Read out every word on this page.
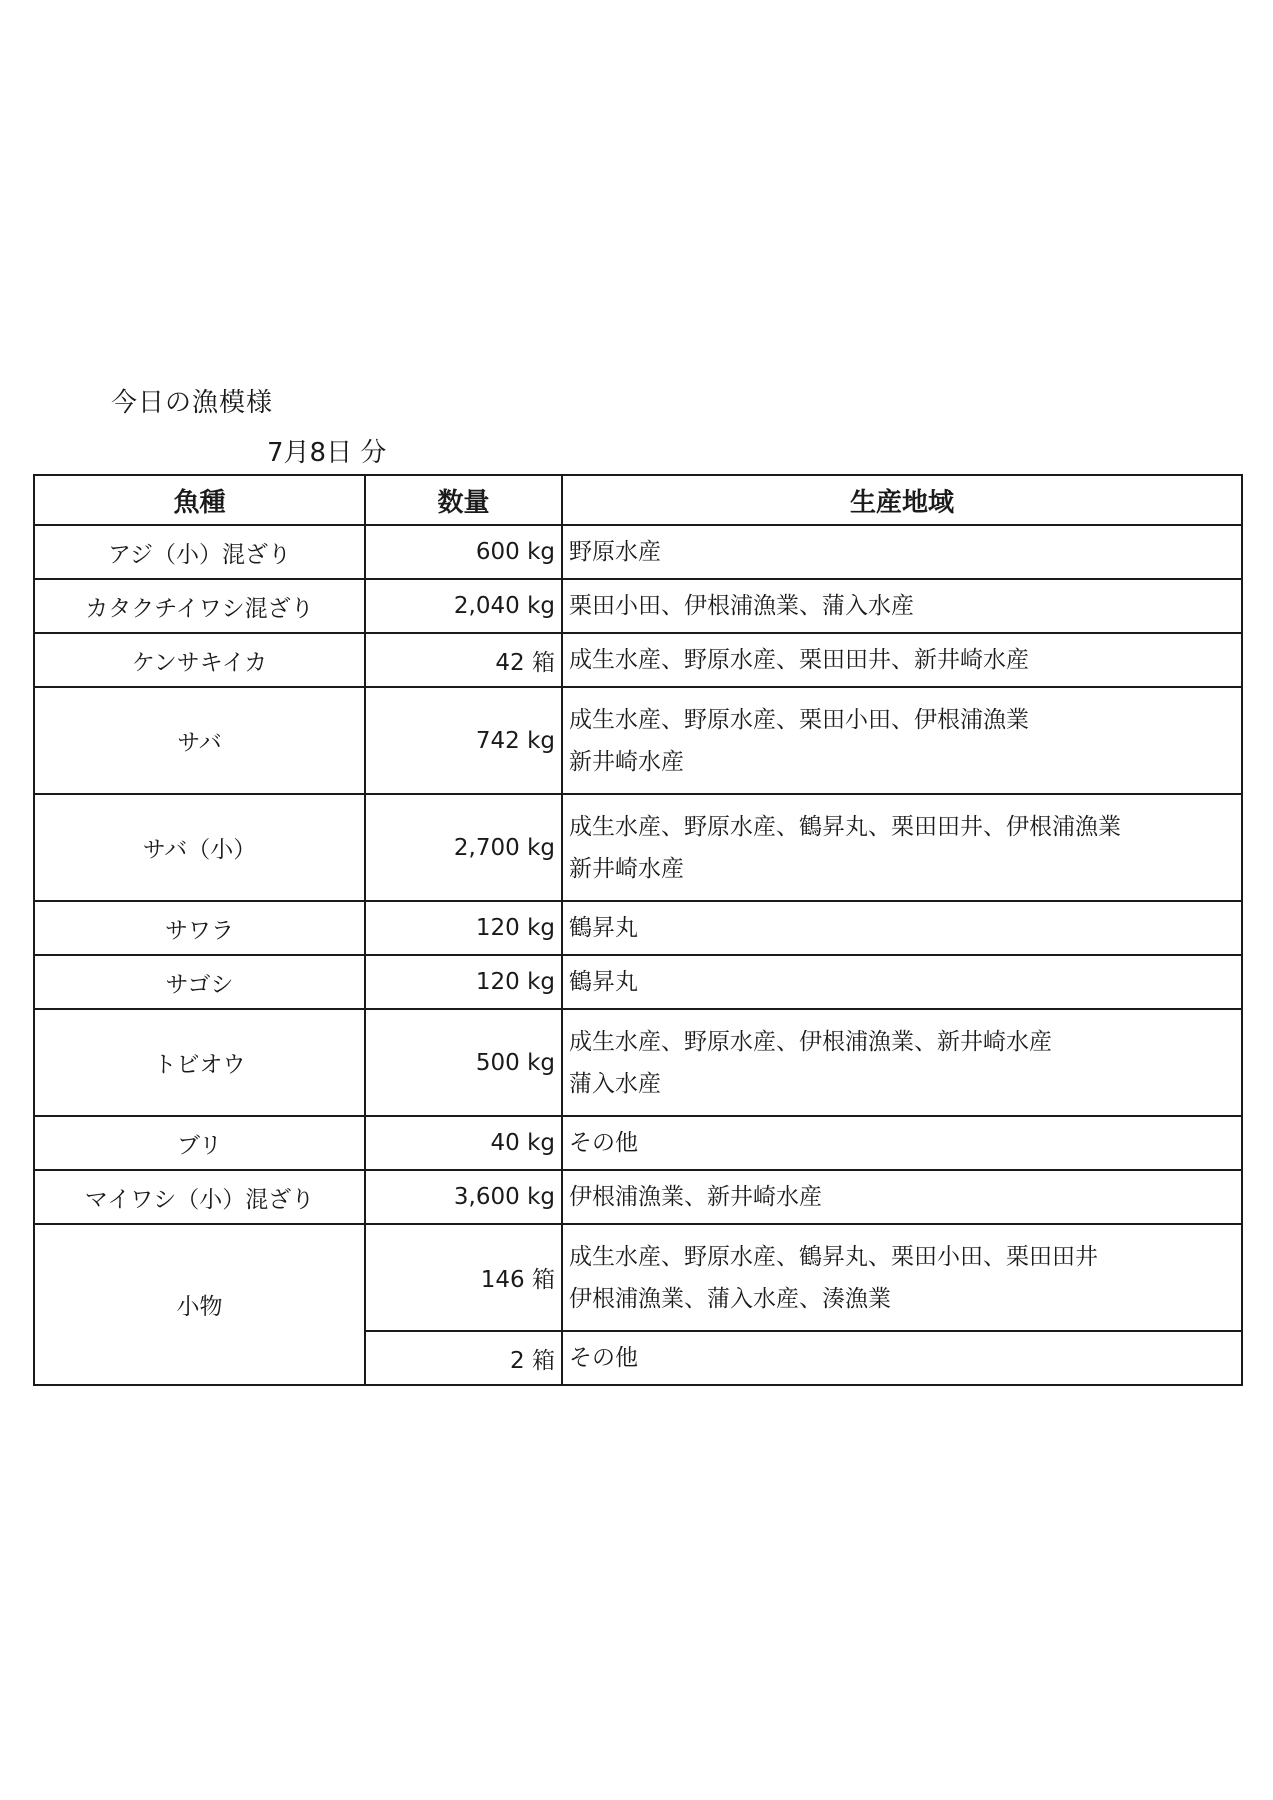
今日の漁模様
7月8日 分
魚種	数量	生産地域
アジ（小）混ざり	600 kg	野原水産

カタクチイワシ混ざり	2,040 kg	栗田小田、伊根浦漁業、蒲入水産

ケンサキイカ	42 箱	成生水産、野原水産、栗田田井、新井崎水産

サバ	742 kg	成生水産、野原水産、栗田小田、伊根浦漁業
新井崎水産

サバ（小）	2,700 kg	成生水産、野原水産、鶴昇丸、栗田田井、伊根浦漁業
新井崎水産

サワラ	120 kg	鶴昇丸

サゴシ	120 kg	鶴昇丸

トビオウ	500 kg	成生水産、野原水産、伊根浦漁業、新井崎水産
蒲入水産

ブリ	40 kg	その他

マイワシ（小）混ざり	3,600 kg	伊根浦漁業、新井崎水産

小物	146 箱	成生水産、野原水産、鶴昇丸、栗田小田、栗田田井
伊根浦漁業、蒲入水産、湊漁業

	2 箱	その他
